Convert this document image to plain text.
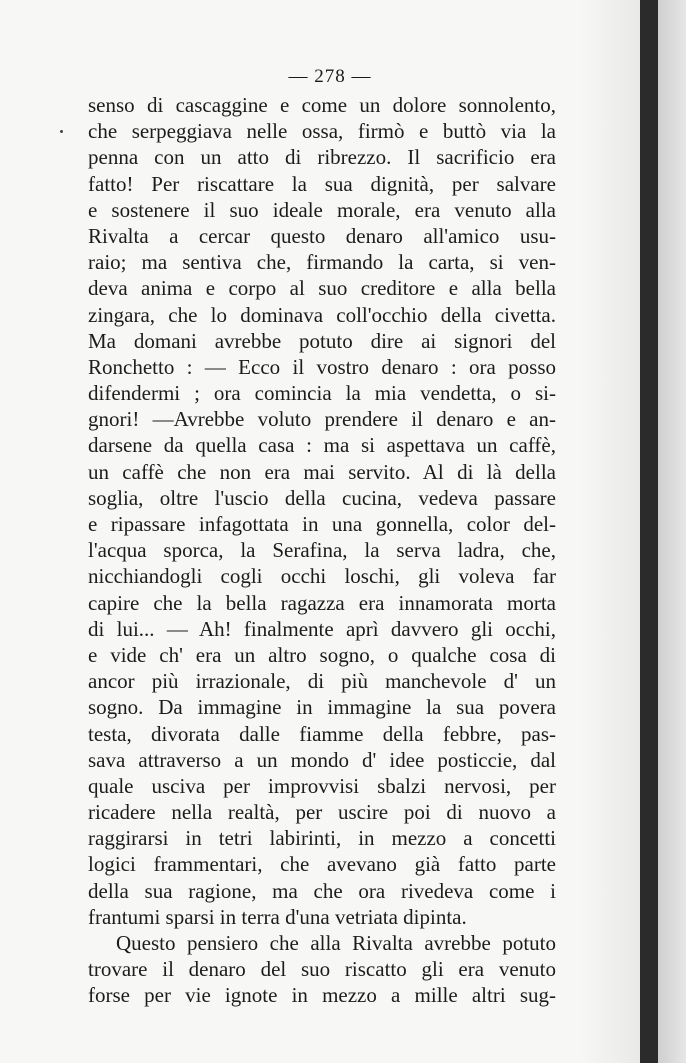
— 278 —
senso di cascaggine e come un dolore sonnolento,
che serpeggiava nelle ossa, firmò e buttò via la
penna con un atto di ribrezzo. Il sacrificio era
fatto! Per riscattare la sua dignità, per salvare
e sostenere il suo ideale morale, era venuto alla
Rivalta a cercar questo denaro all'amico usu-
raio; ma sentiva che, firmando la carta, si ven-
deva anima e corpo al suo creditore e alla bella
zingara, che lo dominava coll'occhio della civetta.
Ma domani avrebbe potuto dire ai signori del
Ronchetto : — Ecco il vostro denaro : ora posso
difendermi ; ora comincia la mia vendetta, o si-
gnori! —Avrebbe voluto prendere il denaro e an-
darsene da quella casa : ma si aspettava un caffè,
un caffè che non era mai servito. Al di là della
soglia, oltre l'uscio della cucina, vedeva passare
e ripassare infagottata in una gonnella, color del-
l'acqua sporca, la Serafina, la serva ladra, che,
nicchiandogli cogli occhi loschi, gli voleva far
capire che la bella ragazza era innamorata morta
di lui... — Ah! finalmente aprì davvero gli occhi,
e vide ch' era un altro sogno, o qualche cosa di
ancor più irrazionale, di più manchevole d' un
sogno. Da immagine in immagine la sua povera
testa, divorata dalle fiamme della febbre, pas-
sava attraverso a un mondo d' idee posticcie, dal
quale usciva per improvvisi sbalzi nervosi, per
ricadere nella realtà, per uscire poi di nuovo a
raggirarsi in tetri labirinti, in mezzo a concetti
logici frammentari, che avevano già fatto parte
della sua ragione, ma che ora rivedeva come i
frantumi sparsi in terra d'una vetriata dipinta.
Questo pensiero che alla Rivalta avrebbe potuto
trovare il denaro del suo riscatto gli era venuto
forse per vie ignote in mezzo a mille altri sug-
